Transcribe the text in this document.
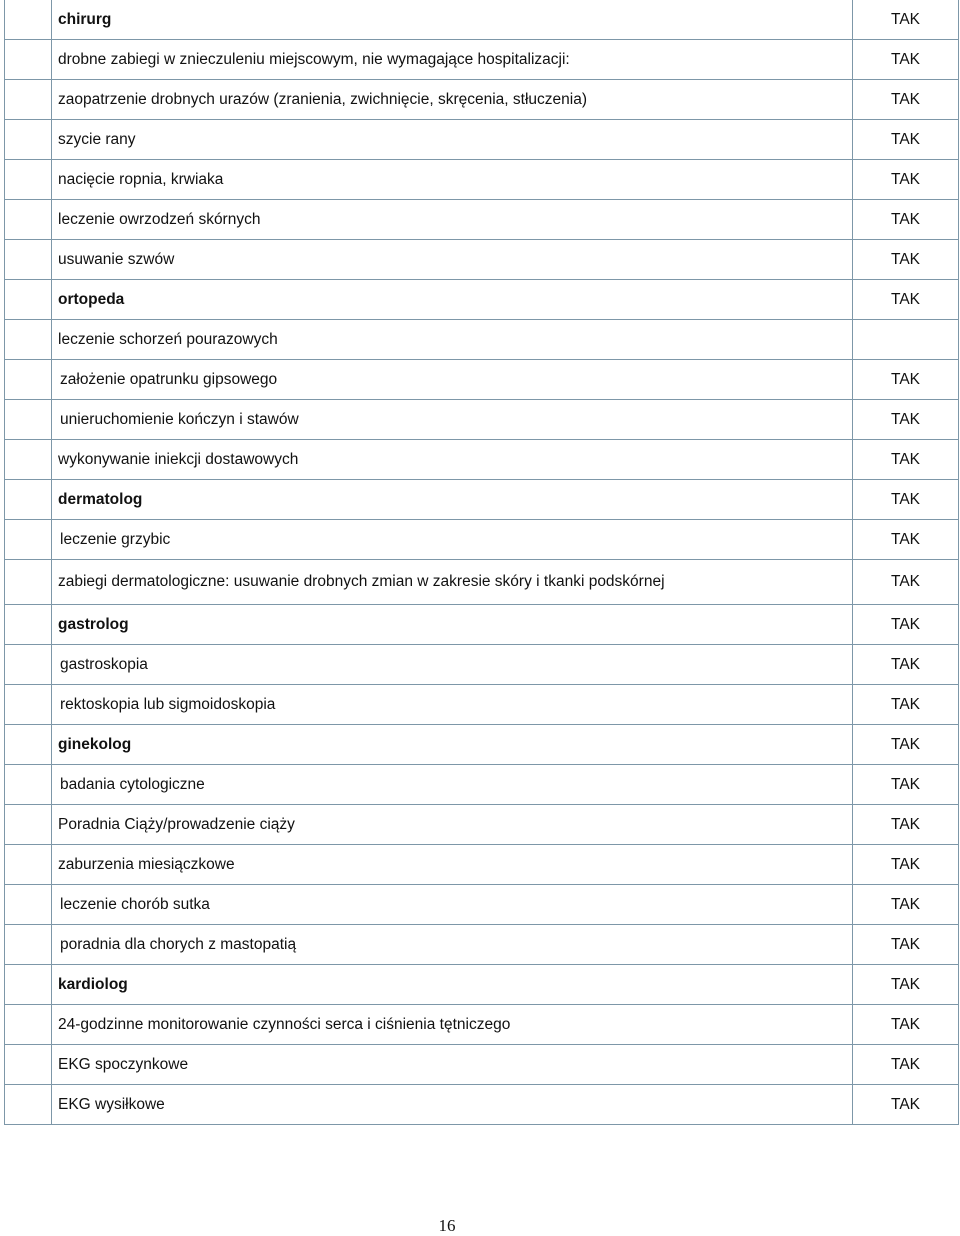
	chirurg	TAK
	drobne zabiegi w znieczuleniu miejscowym, nie wymagające hospitalizacji:	TAK
	zaopatrzenie drobnych urazów (zranienia, zwichnięcie, skręcenia, stłuczenia)	TAK
	szycie rany	TAK
	nacięcie ropnia, krwiaka	TAK
	leczenie owrzodzeń skórnych	TAK
	usuwanie szwów	TAK
	ortopeda	TAK
	leczenie schorzeń pourazowych	
	założenie opatrunku gipsowego	TAK
	unieruchomienie kończyn i stawów	TAK
	wykonywanie iniekcji dostawowych	TAK
	dermatolog	TAK
	leczenie grzybic	TAK
	zabiegi dermatologiczne: usuwanie drobnych zmian w zakresie skóry i tkanki podskórnej	TAK
	gastrolog	TAK
	gastroskopia	TAK
	rektoskopia lub sigmoidoskopia	TAK
	ginekolog	TAK
	badania cytologiczne	TAK
	Poradnia Ciąży/prowadzenie ciąży	TAK
	zaburzenia miesiączkowe	TAK
	leczenie chorób sutka	TAK
	poradnia dla chorych z mastopatią	TAK
	kardiolog	TAK
	24-godzinne monitorowanie czynności serca i ciśnienia tętniczego	TAK
	EKG spoczynkowe	TAK
	EKG wysiłkowe	TAK
16
